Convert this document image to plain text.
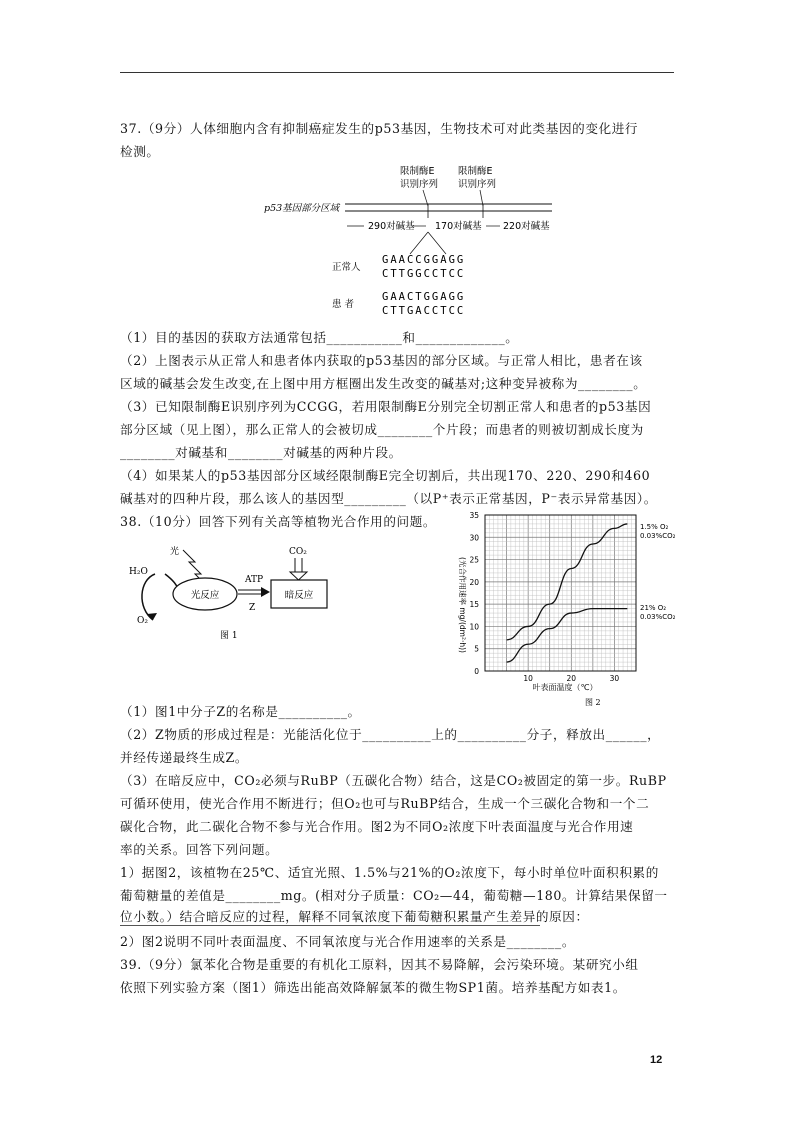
37.（9分）人体细胞内含有抑制癌症发生的p53基因，生物技术可对此类基因的变化进行
检测。
限制酶E
识别序列
限制酶E
识别序列
p53基因部分区域
290对碱基 170对碱基 220对碱基
正常人
GAACCGGAGG
CTTGGCCTCC
患 者
GAACTGGAGG
CTTGACCTCC
（1）目的基因的获取方法通常包括___________和_____________。
（2）上图表示从正常人和患者体内获取的p53基因的部分区域。与正常人相比，患者在该
区域的碱基会发生改变,在上图中用方框圈出发生改变的碱基对;这种变异被称为________。
（3）已知限制酶E识别序列为CCGG，若用限制酶E分别完全切割正常人和患者的p53基因
部分区域（见上图），那么正常人的会被切成________个片段；而患者的则被切割成长度为
________对碱基和________对碱基的两种片段。
（4）如果某人的p53基因部分区域经限制酶E完全切割后，共出现170、220、290和460
碱基对的四种片段，那么该人的基因型_________（以P⁺表示正常基因，P⁻表示异常基因）。
38.（10分）回答下列有关高等植物光合作用的问题。
H₂O
O₂
光
光反应
ATP
Z
暗反应
CO₂
图 1
0
5
10
15
20
25
30
35
10	20	30
(光合作用速率 mg/(dm²·h))
叶表面温度（℃）
图 2
1.5% O₂
0.03%CO₂
21% O₂
0.03%CO₂
（1）图1中分子Z的名称是__________。
（2）Z物质的形成过程是：光能活化位于__________上的__________分子，释放出______，
并经传递最终生成Z。
（3）在暗反应中，CO₂必须与RuBP（五碳化合物）结合，这是CO₂被固定的第一步。RuBP
可循环使用，使光合作用不断进行；但O₂也可与RuBP结合，生成一个三碳化合物和一个二
碳化合物，此二碳化合物不参与光合作用。图2为不同O₂浓度下叶表面温度与光合作用速
率的关系。回答下列问题。
1）据图2，该植物在25℃、适宜光照、1.5%与21%的O₂浓度下，每小时单位叶面积积累的
葡萄糖量的差值是________mg。(相对分子质量：CO₂—44，葡萄糖—180。计算结果保留一
位小数。）结合暗反应的过程，解释不同氧浓度下葡萄糖积累量产生差异的原因：
2）图2说明不同叶表面温度、不同氧浓度与光合作用速率的关系是________。
39.（9分）氯苯化合物是重要的有机化工原料，因其不易降解，会污染环境。某研究小组
依照下列实验方案（图1）筛选出能高效降解氯苯的微生物SP1菌。培养基配方如表1。
12
